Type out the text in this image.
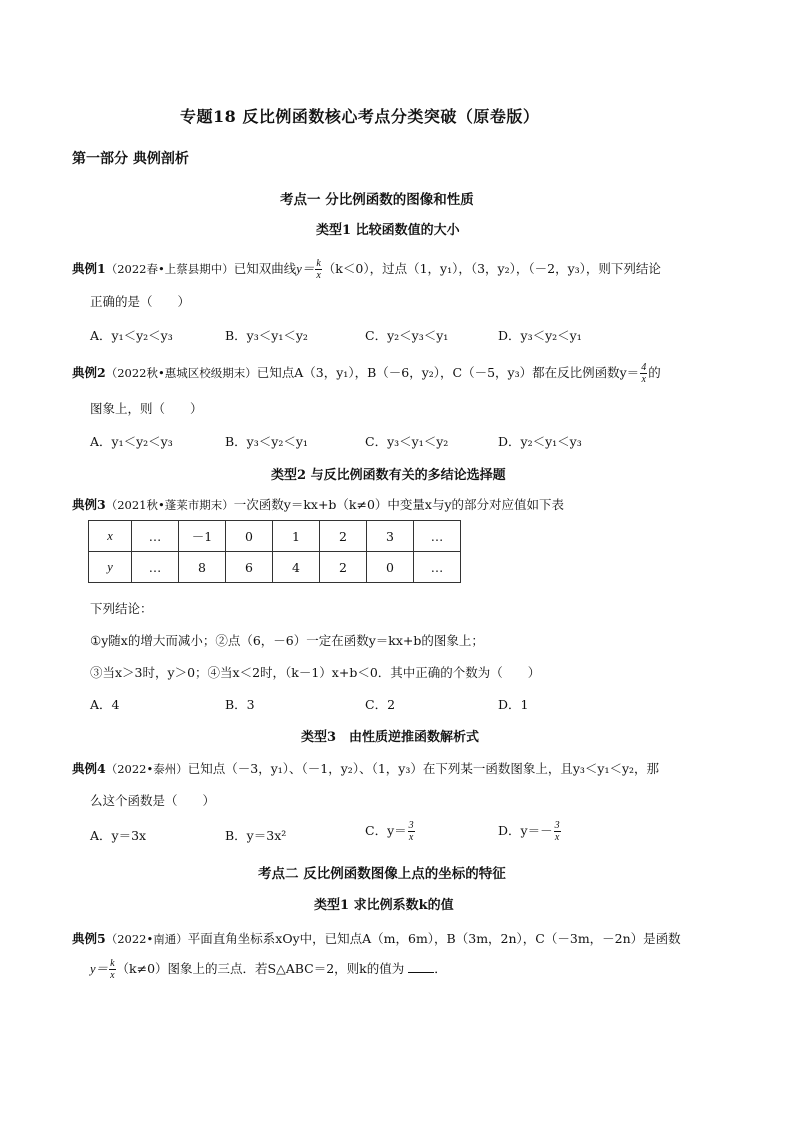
专题18 反比例函数核心考点分类突破（原卷版）
第一部分 典例剖析
考点一 分比例函数的图像和性质
类型1 比较函数值的大小
典例1（2022春•上蔡县期中）已知双曲线$y= \frac{k}{x} (k<0)$，过点（1，y₁），（3，y₂），（－2，y₃），则下列结论
正确的是（　　）
A．y₁＜y₂＜y₃	B．y₃＜y₁＜y₂	C．y₂＜y₃＜y₁	D．y₃＜y₂＜y₁
典例2（2022秋•惠城区校级期末）已知点A（3，y₁），B（－6，y₂），C（－5，y₃）都在反比例函数$y= \frac{4}{x}$ 的
图象上，则（　　）
A．y₁＜y₂＜y₃	B．y₃＜y₂＜y₁	C．y₃＜y₁＜y₂	D．y₂＜y₁＜y₃
类型2 与反比例函数有关的多结论选择题
典例3（2021秋•蓬莱市期末）一次函数y＝kx+b（k≠0）中变量x与y的部分对应值如下表
x	…	－1	0	1	2	3	…
y	…	8	6	4	2	0	…
下列结论：
①y随x的增大而减小；②点（6，－6）一定在函数y＝kx+b的图象上；
③当x＞3时，y＞0；④当x＜2时，（k－1）x+b＜0．其中正确的个数为（　　）
A．4	B．3	C．2	D．1
类型3　由性质逆推函数解析式
典例4（2022•泰州）已知点（－3，y₁）、（－1，y₂）、（1，y₃）在下列某一函数图象上，且y₃＜y₁＜y₂，那
么这个函数是（　　）
A．y＝3x	B．y＝3x²	C．$y= \frac{3}{x}$	D．$y=- \frac{3}{x}$
考点二 反比例函数图像上点的坐标的特征
类型1 求比例系数k的值
典例5（2022•南通）平面直角坐标系xOy中，已知点A（m，6m），B（3m，2n），C（－3m，－2n）是函数
$y= \frac{k}{x} (k\ne 0)$图象上的三点．若S△ABC＝2，则k的值为 ．
